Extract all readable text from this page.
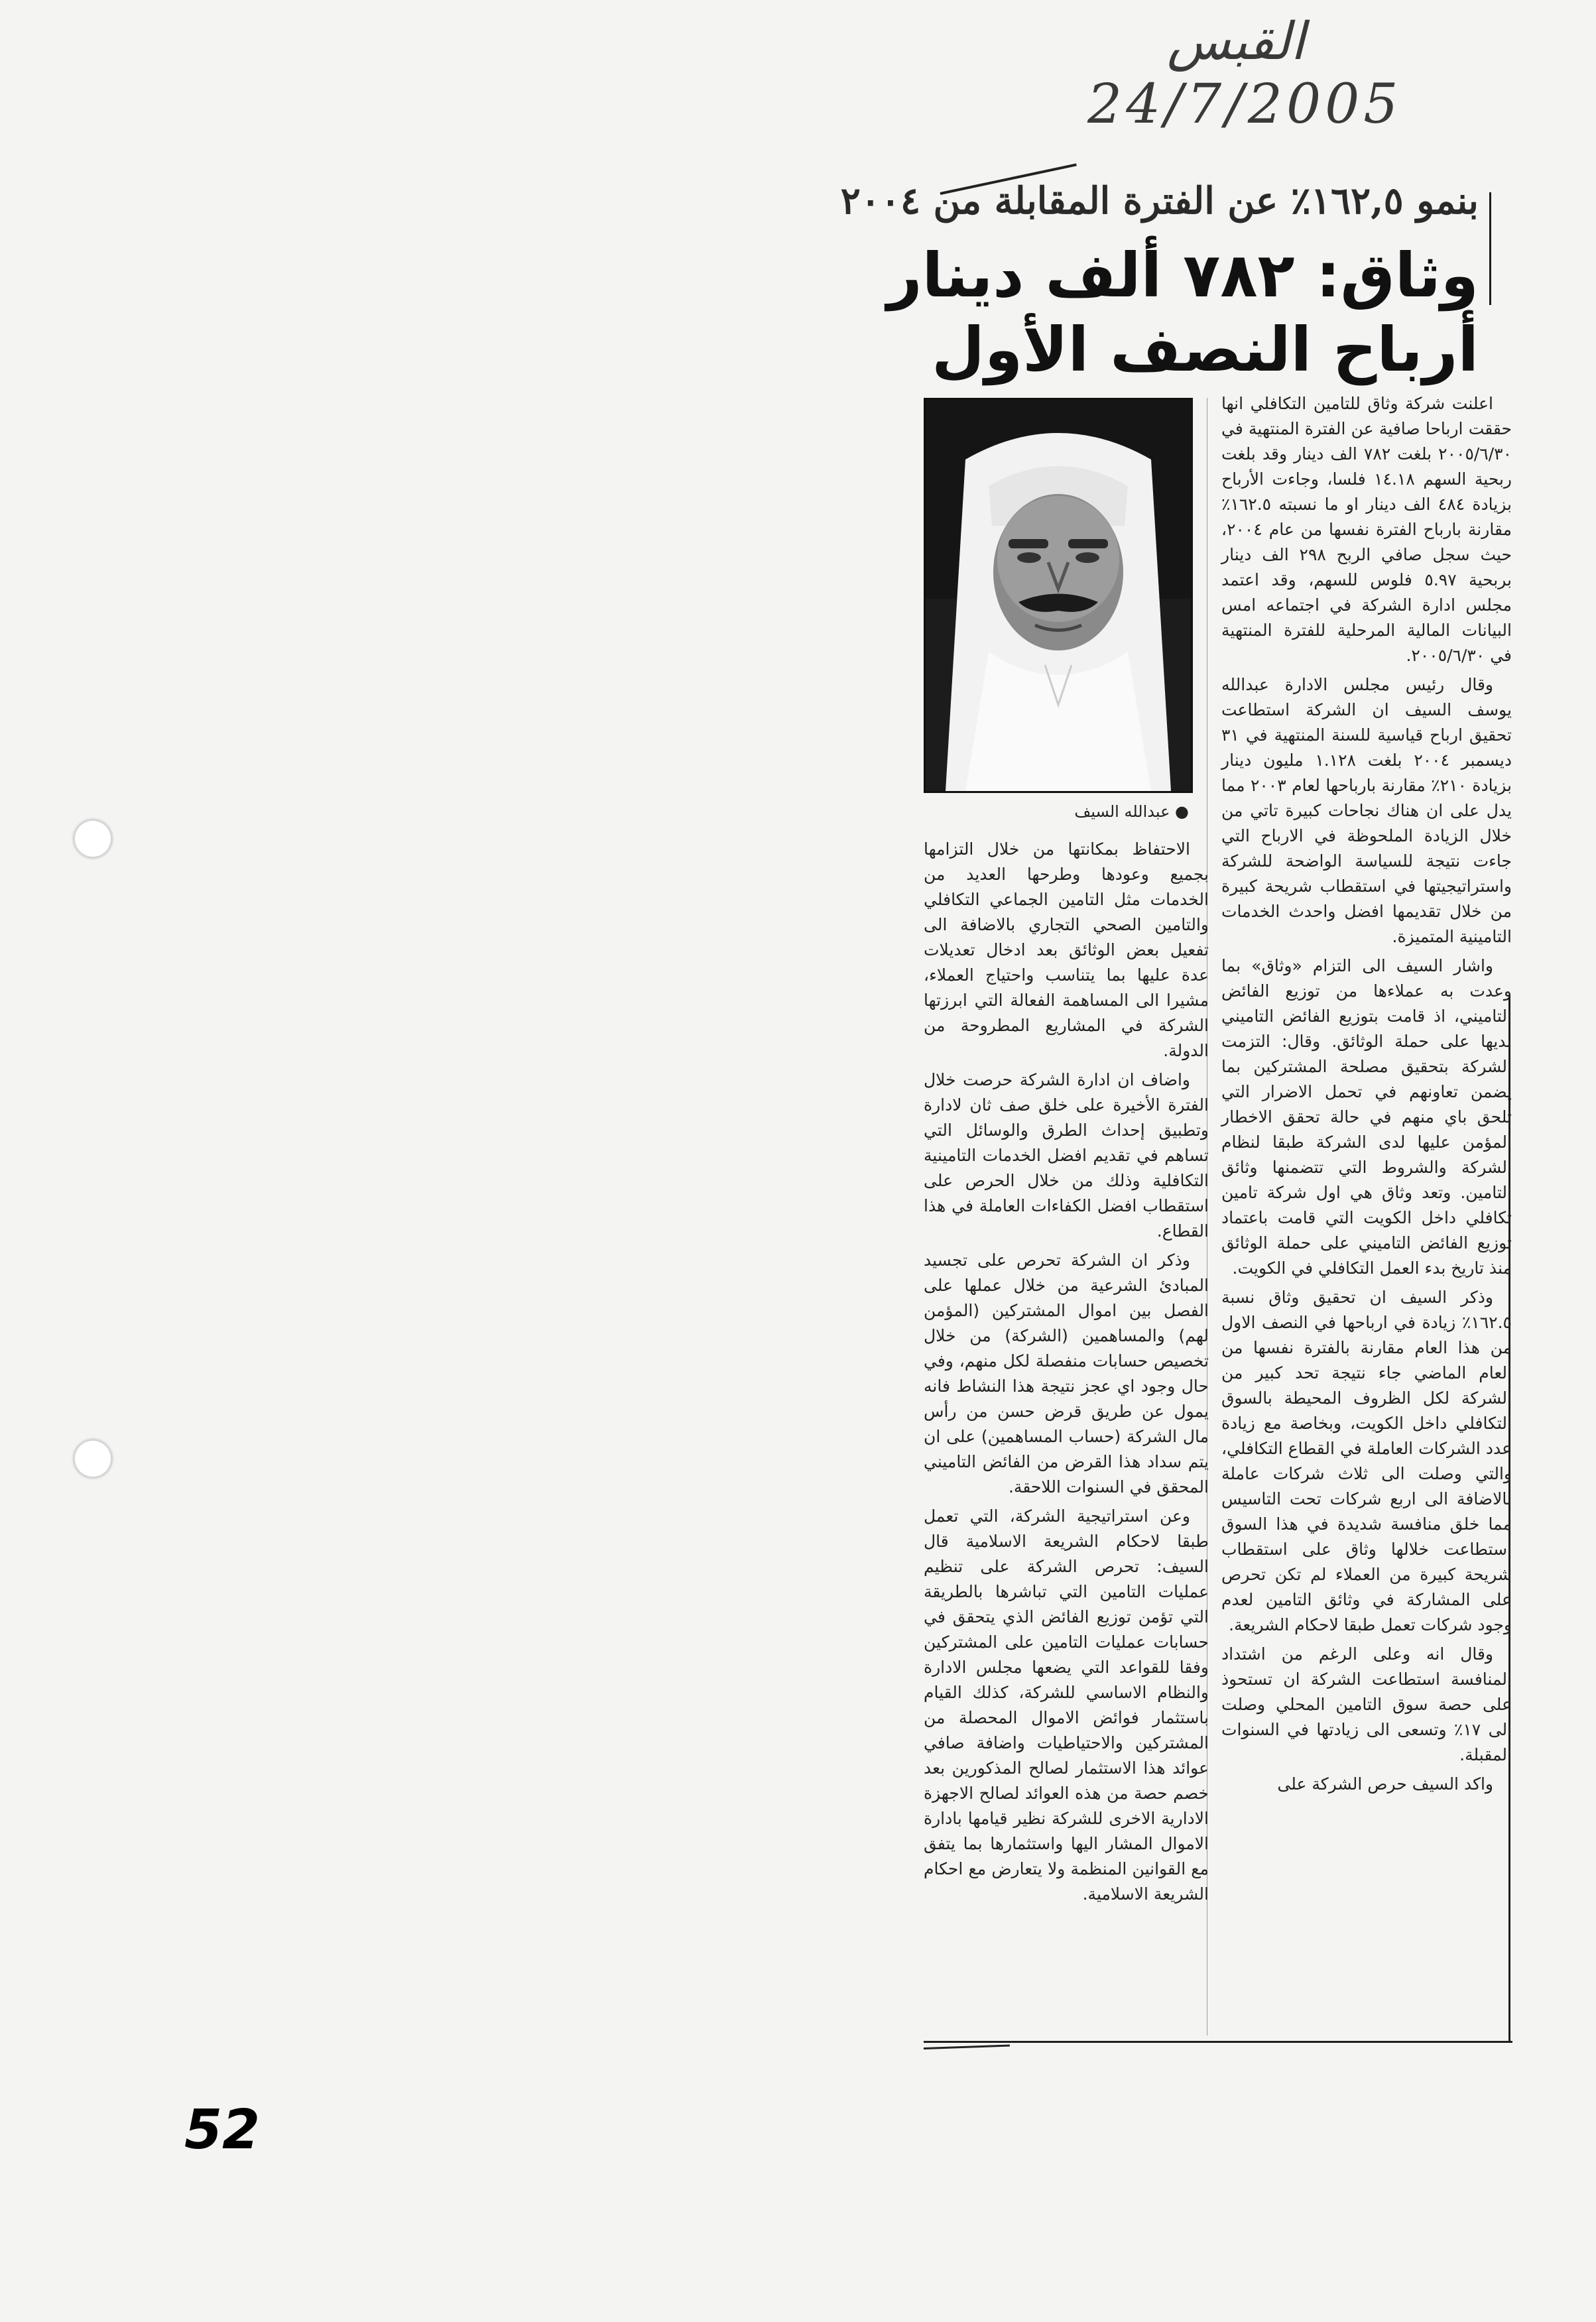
القبس
24/7/2005
بنمو ١٦٢,٥٪ عن الفترة المقابلة من ٢٠٠٤
وثاق: ٧٨٢ ألف دينار
أرباح النصف الأول
● عبدالله السيف

اعلنت شركة وثاق للتامين التكافلي انها حققت ارباحا صافية عن الفترة المنتهية في ٢٠٠٥/٦/٣٠ بلغت ٧٨٢ الف دينار وقد بلغت ربحية السهم ١٤.١٨ فلسا، وجاءت الأرباح بزيادة ٤٨٤ الف دينار او ما نسبته ١٦٢.٥٪ مقارنة بارباح الفترة نفسها من عام ٢٠٠٤، حيث سجل صافي الربح ٢٩٨ الف دينار بربحية ٥.٩٧ فلوس للسهم، وقد اعتمد مجلس ادارة الشركة في اجتماعه امس البيانات المالية المرحلية للفترة المنتهية في ٢٠٠٥/٦/٣٠.

وقال رئيس مجلس الادارة عبدالله يوسف السيف ان الشركة استطاعت تحقيق ارباح قياسية للسنة المنتهية في ٣١ ديسمبر ٢٠٠٤ بلغت ١.١٢٨ مليون دينار بزيادة ٢١٠٪ مقارنة بارباحها لعام ٢٠٠٣ مما يدل على ان هناك نجاحات كبيرة تاتي من خلال الزيادة الملحوظة في الارباح التي جاءت نتيجة للسياسة الواضحة للشركة واستراتيجيتها في استقطاب شريحة كبيرة من خلال تقديمها افضل واحدث الخدمات التامينية المتميزة.

واشار السيف الى التزام «وثاق» بما وعدت به عملاءها من توزيع الفائض التاميني، اذ قامت بتوزيع الفائض التاميني لديها على حملة الوثائق. وقال: التزمت الشركة بتحقيق مصلحة المشتركين بما يضمن تعاونهم في تحمل الاضرار التي تلحق باي منهم في حالة تحقق الاخطار المؤمن عليها لدى الشركة طبقا لنظام الشركة والشروط التي تتضمنها وثائق التامين. وتعد وثاق هي اول شركة تامين تكافلي داخل الكويت التي قامت باعتماد توزيع الفائض التاميني على حملة الوثائق منذ تاريخ بدء العمل التكافلي في الكويت.

وذكر السيف ان تحقيق وثاق نسبة ١٦٢.٥٪ زيادة في ارباحها في النصف الاول من هذا العام مقارنة بالفترة نفسها من العام الماضي جاء نتيجة تحد كبير من الشركة لكل الظروف المحيطة بالسوق التكافلي داخل الكويت، وبخاصة مع زيادة عدد الشركات العاملة في القطاع التكافلي، والتي وصلت الى ثلاث شركات عاملة بالاضافة الى اربع شركات تحت التاسيس مما خلق منافسة شديدة في هذا السوق استطاعت خلالها وثاق على استقطاب شريحة كبيرة من العملاء لم تكن تحرص على المشاركة في وثائق التامين لعدم وجود شركات تعمل طبقا لاحكام الشريعة.

وقال انه وعلى الرغم من اشتداد المنافسة استطاعت الشركة ان تستحوذ على حصة سوق التامين المحلي وصلت الى ١٧٪ وتسعى الى زيادتها في السنوات المقبلة.

واكد السيف حرص الشركة على

الاحتفاظ بمكانتها من خلال التزامها بجميع وعودها وطرحها العديد من الخدمات مثل التامين الجماعي التكافلي والتامين الصحي التجاري بالاضافة الى تفعيل بعض الوثائق بعد ادخال تعديلات عدة عليها بما يتناسب واحتياج العملاء، مشيرا الى المساهمة الفعالة التي ابرزتها الشركة في المشاريع المطروحة من الدولة.

واضاف ان ادارة الشركة حرصت خلال الفترة الأخيرة على خلق صف ثان لادارة وتطبيق إحداث الطرق والوسائل التي تساهم في تقديم افضل الخدمات التامينية التكافلية وذلك من خلال الحرص على استقطاب افضل الكفاءات العاملة في هذا القطاع.

وذكر ان الشركة تحرص على تجسيد المبادئ الشرعية من خلال عملها على الفصل بين اموال المشتركين (المؤمن لهم) والمساهمين (الشركة) من خلال تخصيص حسابات منفصلة لكل منهم، وفي حال وجود اي عجز نتيجة هذا النشاط فانه يمول عن طريق قرض حسن من رأس مال الشركة (حساب المساهمين) على ان يتم سداد هذا القرض من الفائض التاميني المحقق في السنوات اللاحقة.

وعن استراتيجية الشركة، التي تعمل طبقا لاحكام الشريعة الاسلامية قال السيف: تحرص الشركة على تنظيم عمليات التامين التي تباشرها بالطريقة التي تؤمن توزيع الفائض الذي يتحقق في حسابات عمليات التامين على المشتركين وفقا للقواعد التي يضعها مجلس الادارة والنظام الاساسي للشركة، كذلك القيام باستثمار فوائض الاموال المحصلة من المشتركين والاحتياطيات واضافة صافي عوائد هذا الاستثمار لصالح المذكورين بعد خصم حصة من هذه العوائد لصالح الاجهزة الادارية الاخرى للشركة نظير قيامها بادارة الاموال المشار اليها واستثمارها بما يتفق مع القوانين المنظمة ولا يتعارض مع احكام الشريعة الاسلامية.

52
